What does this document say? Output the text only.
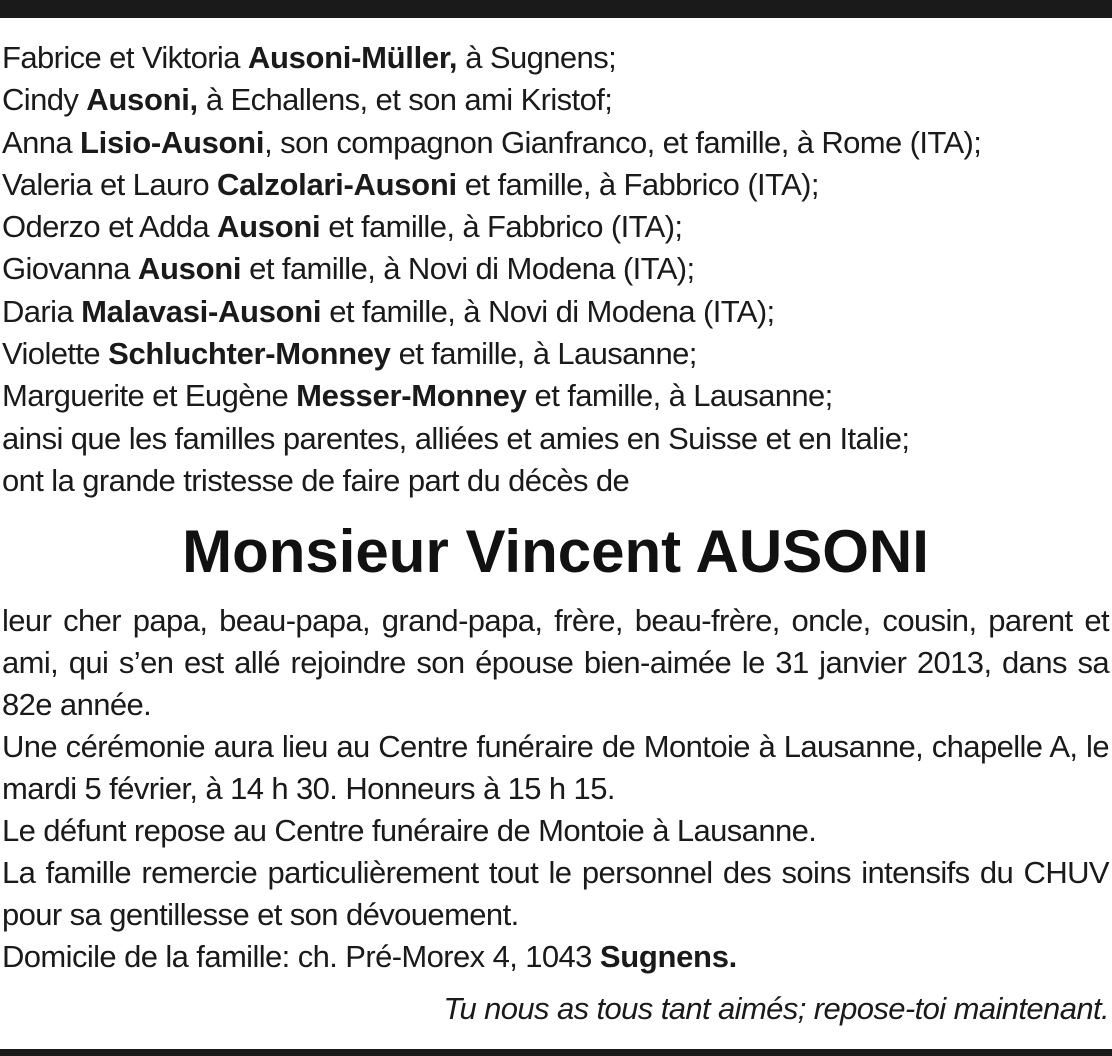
Fabrice et Viktoria Ausoni-Müller, à Sugnens;
Cindy Ausoni, à Echallens, et son ami Kristof;
Anna Lisio-Ausoni, son compagnon Gianfranco, et famille, à Rome (ITA);
Valeria et Lauro Calzolari-Ausoni et famille, à Fabbrico (ITA);
Oderzo et Adda Ausoni et famille, à Fabbrico (ITA);
Giovanna Ausoni et famille, à Novi di Modena (ITA);
Daria Malavasi-Ausoni et famille, à Novi di Modena (ITA);
Violette Schluchter-Monney et famille, à Lausanne;
Marguerite et Eugène Messer-Monney et famille, à Lausanne;
ainsi que les familles parentes, alliées et amies en Suisse et en Italie;
ont la grande tristesse de faire part du décès de
Monsieur Vincent AUSONI
leur cher papa, beau-papa, grand-papa, frère, beau-frère, oncle, cousin, parent et ami, qui s’en est allé rejoindre son épouse bien-aimée le 31 janvier 2013, dans sa 82e année.
Une cérémonie aura lieu au Centre funéraire de Montoie à Lausanne, chapelle A, le mardi 5 février, à 14 h 30. Honneurs à 15 h 15.
Le défunt repose au Centre funéraire de Montoie à Lausanne.
La famille remercie particulièrement tout le personnel des soins intensifs du CHUV pour sa gentillesse et son dévouement.
Domicile de la famille: ch. Pré-Morex 4, 1043 Sugnens.
Tu nous as tous tant aimés; repose-toi maintenant.
